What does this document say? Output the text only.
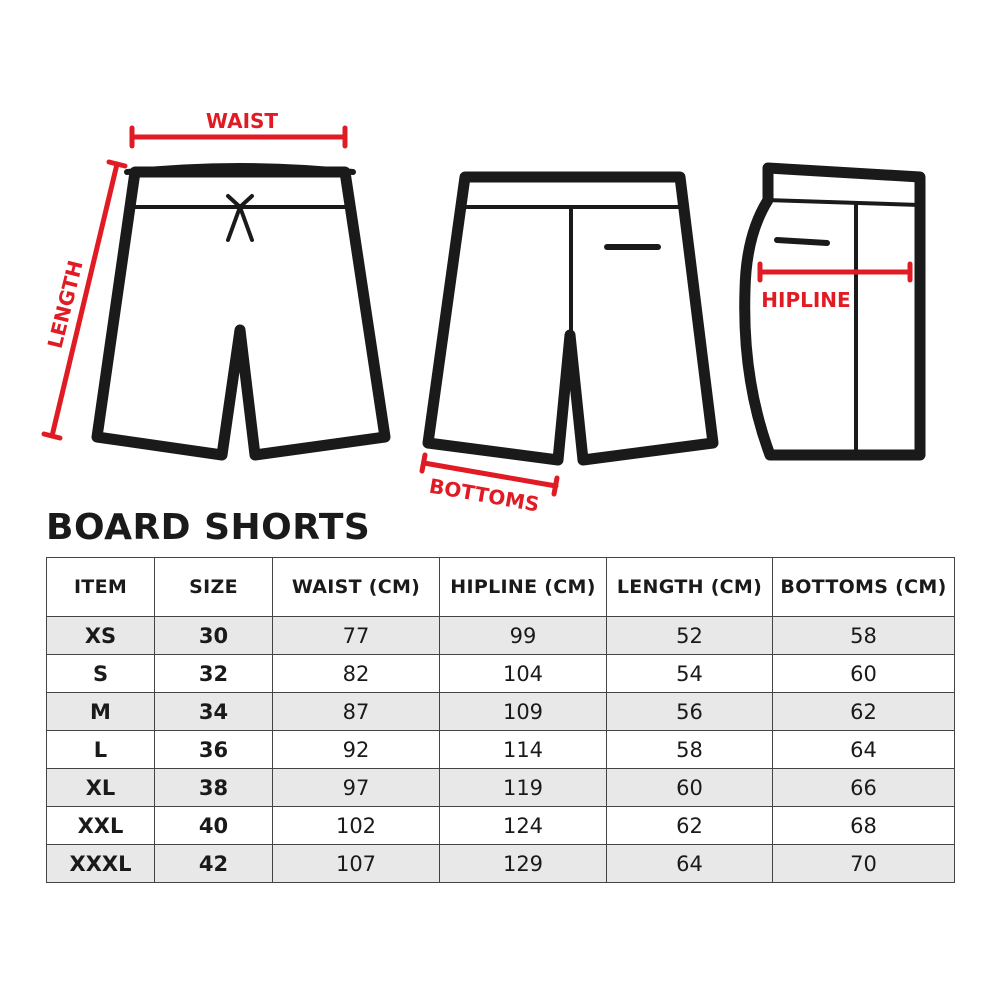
WAIST
LENGTH	HIPLINE
BOTTOMS
BOARD SHORTS
ITEM	SIZE	WAIST (CM)	HIPLINE (CM)	LENGTH (CM)	BOTTOMS (CM)
XS	30	77	99	52	58
S	32	82	104	54	60
M	34	87	109	56	62
L	36	92	114	58	64
XL	38	97	119	60	66
XXL	40	102	124	62	68
XXXL	42	107	129	64	70
